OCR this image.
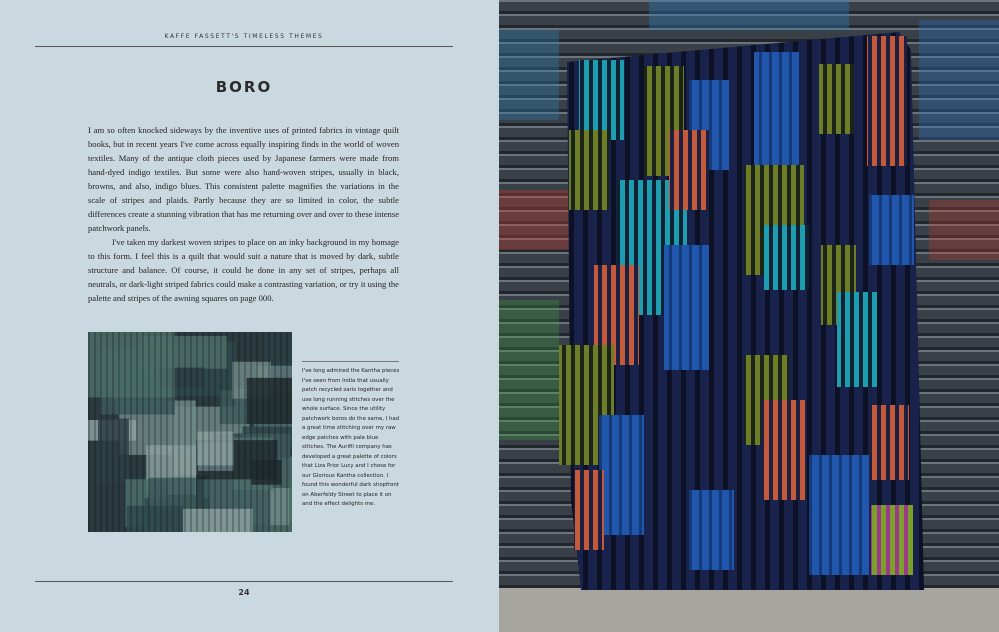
KAFFE FASSETT'S TIMELESS THEMES
BORO

I am so often knocked sideways by the inventive uses of printed fabrics in vintage quilt books, but in recent years I've come across equally inspiring finds in the world of woven textiles. Many of the antique cloth pieces used by Japanese farmers were made from hand-dyed indigo textiles. But some were also hand-woven stripes, usually in black, browns, and also, indigo blues. This consistent palette magnifies the variations in the scale of stripes and plaids. Partly because they are so limited in color, the subtle differences create a stunning vibration that has me returning over and over to these intense patchwork panels.

I've taken my darkest woven stripes to place on an inky background in my homage to this form. I feel this is a quilt that would suit a nature that is moved by dark, subtle structure and balance. Of course, it could be done in any set of stripes, perhaps all neutrals, or dark-light striped fabrics could make a contrasting variation, or try it using the palette and stripes of the awning squares on page 000.

I've long admired the Kantha pieces I've seen from India that usually patch recycled saris together and use long running stitches over the whole surface. Since the utility patchwork boros do the same, I had a great time stitching over my raw edge patches with pale blue stitches. The Aurifil company has developed a great palette of colors that Liza Prior Lucy and I chose for our Glorious Kantha collection. I found this wonderful dark shopfront on Aberfeldy Street to place it on and the effect delights me.
24
